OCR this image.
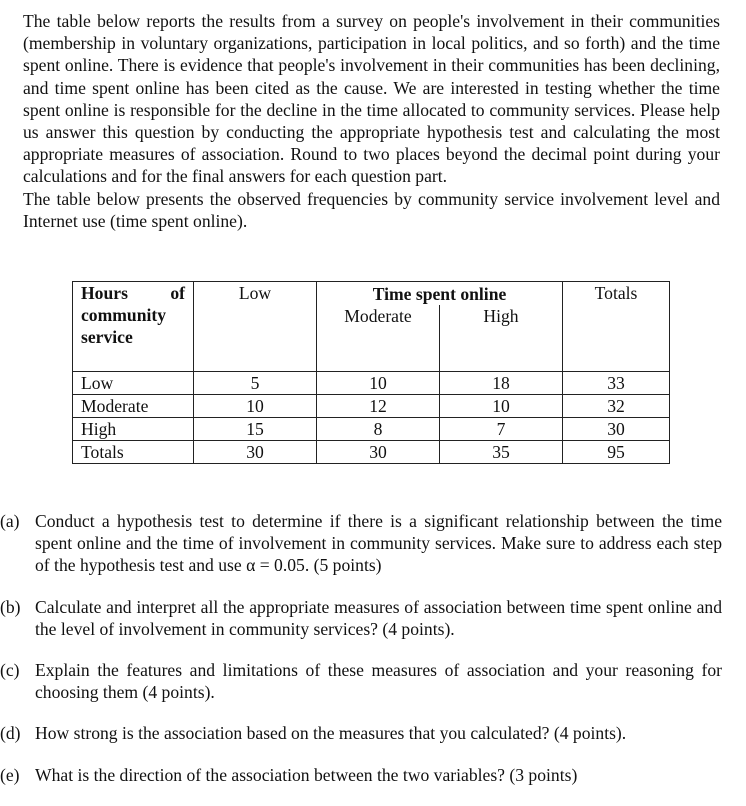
The table below reports the results from a survey on people's involvement in their communities (membership in voluntary organizations, participation in local politics, and so forth) and the time spent online. There is evidence that people's involvement in their communities has been declining, and time spent online has been cited as the cause. We are interested in testing whether the time spent online is responsible for the decline in the time allocated to community services. Please help us answer this question by conducting the appropriate hypothesis test and calculating the most appropriate measures of association. Round to two places beyond the decimal point during your calculations and for the final answers for each question part.

The table below presents the observed frequencies by community service involvement level and Internet use (time spent online).

Hours of community service	Low	Time spent online		Totals
		Moderate	High	
Low	5	10	18	33
Moderate	10	12	10	32
High	15	8	7	30
Totals	30	30	35	95
(a) Conduct a hypothesis test to determine if there is a significant relationship between the time spent online and the time of involvement in community services. Make sure to address each step of the hypothesis test and use α = 0.05. (5 points)
(b) Calculate and interpret all the appropriate measures of association between time spent online and the level of involvement in community services? (4 points).
(c) Explain the features and limitations of these measures of association and your reasoning for choosing them (4 points).
(d) How strong is the association based on the measures that you calculated? (4 points).
(e) What is the direction of the association between the two variables? (3 points)
